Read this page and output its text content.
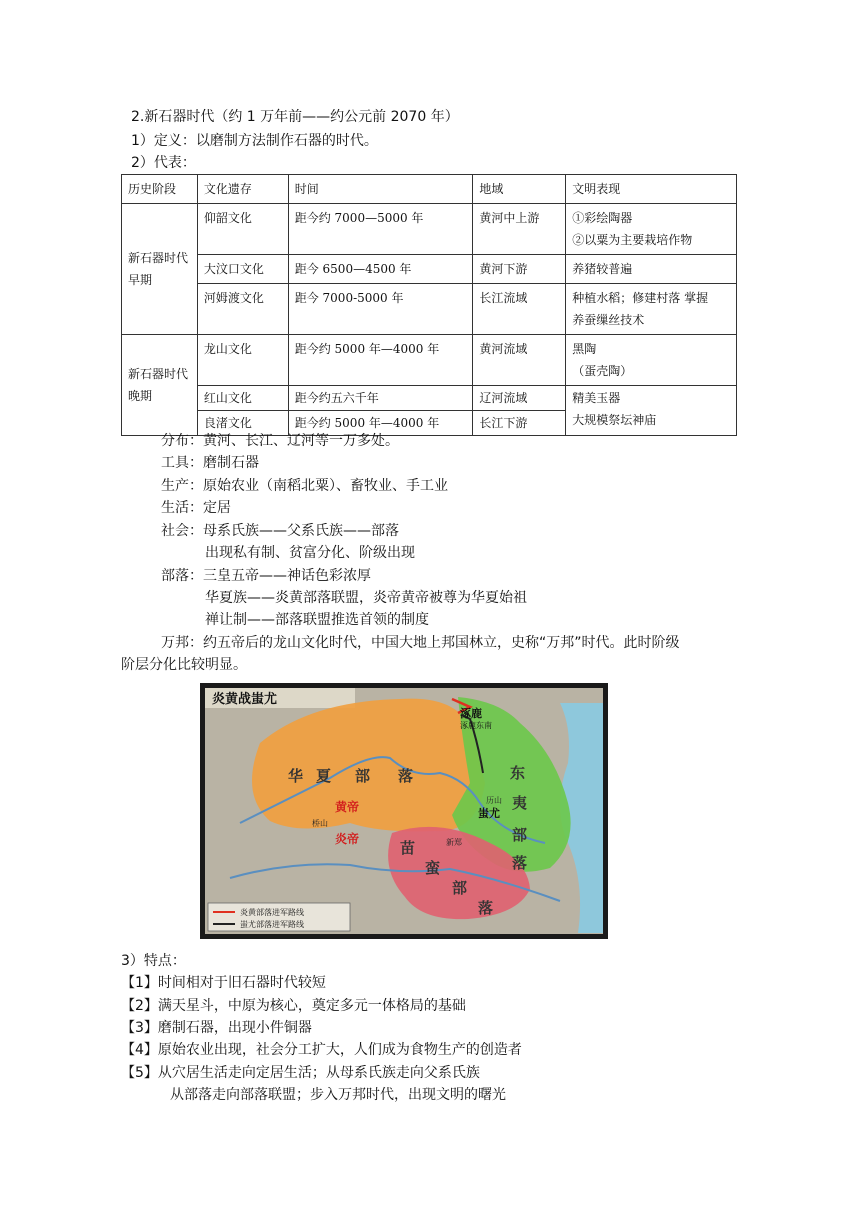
2.新石器时代（约 1 万年前——约公元前 2070 年）
1）定义：以磨制方法制作石器的时代。
2）代表：
历史阶段	文化遗存	时间	地域	文明表现
新石器时代早期	仰韶文化	距今约 7000—5000 年	黄河中上游	①彩绘陶器
②以粟为主要栽培作物

	大汶口文化	距今 6500—4500 年	黄河下游	养猪较普遍

	河姆渡文化	距今 7000-5000 年	长江流域	种植水稻；修建村落 掌握
养蚕缫丝技术

新石器时代晚期	龙山文化	距今约 5000 年—4000 年	黄河流域	黑陶
（蛋壳陶）

	红山文化	距今约五六千年	辽河流域	精美玉器
大规模祭坛神庙

	良渚文化	距今约 5000 年—4000 年	长江下游	
分布：黄河、长江、辽河等一万多处。
工具：磨制石器
生产：原始农业（南稻北粟）、畜牧业、手工业
生活：定居
社会：母系氏族——父系氏族——部落
出现私有制、贫富分化、阶级出现
部落：三皇五帝——神话色彩浓厚
华夏族——炎黄部落联盟，炎帝黄帝被尊为华夏始祖
禅让制——部落联盟推选首领的制度
万邦：约五帝后的龙山文化时代，中国大地上邦国林立，史称“万邦”时代。此时阶级
阶层分化比较明显。
炎黄战蚩尤
涿鹿
涿鹿东南
华 夏 部 落
黄帝
炎帝
桥山
历山
新郑
东
夷
部
落
蚩尤
苗
蛮
部
落
炎黄部落进军路线
蚩尤部落进军路线
3）特点：
【1】时间相对于旧石器时代较短
【2】满天星斗，中原为核心，奠定多元一体格局的基础
【3】磨制石器，出现小件铜器
【4】原始农业出现，社会分工扩大，人们成为食物生产的创造者
【5】从穴居生活走向定居生活；从母系氏族走向父系氏族
从部落走向部落联盟；步入万邦时代，出现文明的曙光
